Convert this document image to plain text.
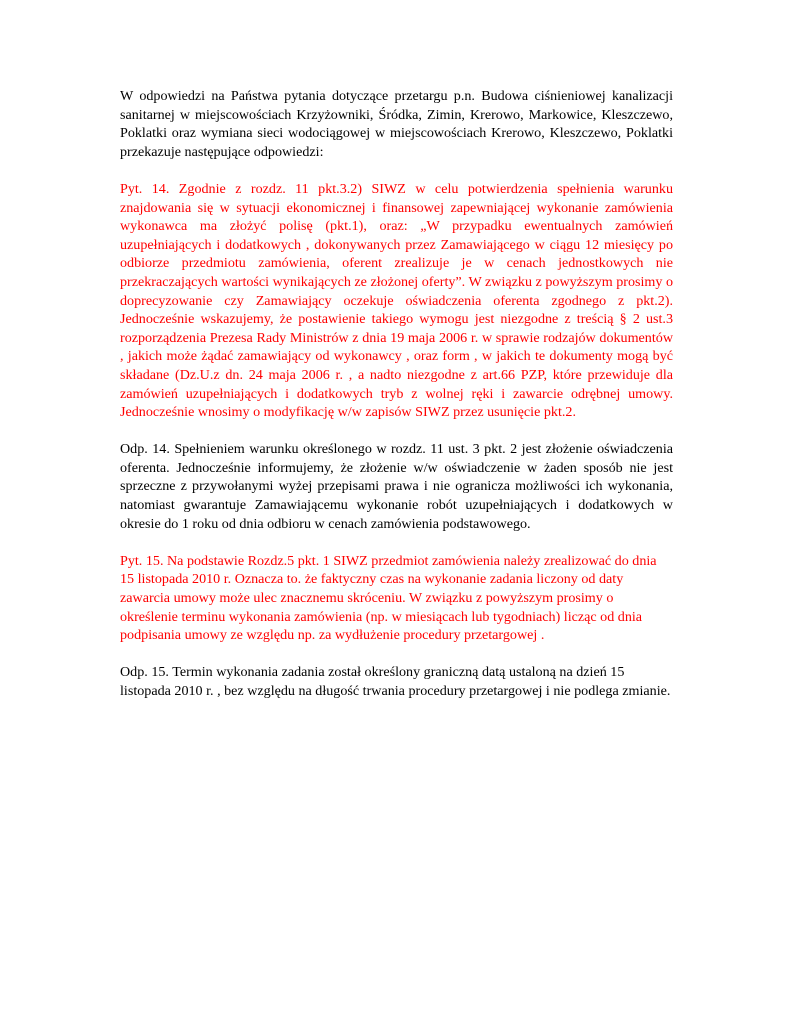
W odpowiedzi na Państwa pytania dotyczące przetargu p.n. Budowa ciśnieniowej kanalizacji sanitarnej w miejscowościach Krzyżowniki, Śródka, Zimin, Krerowo, Markowice, Kleszczewo, Poklatki oraz wymiana sieci wodociągowej w miejscowościach Krerowo, Kleszczewo, Poklatki przekazuje następujące odpowiedzi:

Pyt. 14. Zgodnie z rozdz. 11 pkt.3.2) SIWZ w celu potwierdzenia spełnienia warunku znajdowania się w sytuacji ekonomicznej i finansowej zapewniającej wykonanie zamówienia wykonawca ma złożyć polisę (pkt.1), oraz: „W przypadku ewentualnych zamówień uzupełniających i dodatkowych , dokonywanych przez Zamawiającego w ciągu 12 miesięcy po odbiorze przedmiotu zamówienia, oferent zrealizuje je w cenach jednostkowych nie przekraczających wartości wynikających ze złożonej oferty”. W związku z powyższym prosimy o doprecyzowanie czy Zamawiający oczekuje oświadczenia oferenta zgodnego z pkt.2). Jednocześnie wskazujemy, że postawienie takiego wymogu jest niezgodne z treścią § 2 ust.3 rozporządzenia Prezesa Rady Ministrów z dnia 19 maja 2006 r. w sprawie rodzajów dokumentów , jakich może żądać zamawiający od wykonawcy , oraz form , w jakich te dokumenty mogą być składane (Dz.U.z dn. 24 maja 2006 r. , a nadto niezgodne z art.66 PZP, które przewiduje dla zamówień uzupełniających i dodatkowych tryb z wolnej ręki i zawarcie odrębnej umowy. Jednocześnie wnosimy o modyfikację w/w zapisów SIWZ przez usunięcie pkt.2.

Odp. 14. Spełnieniem warunku określonego w rozdz. 11 ust. 3 pkt. 2 jest złożenie oświadczenia oferenta. Jednocześnie informujemy, że złożenie w/w oświadczenie w żaden sposób nie jest sprzeczne z przywołanymi wyżej przepisami prawa i nie ogranicza możliwości ich wykonania, natomiast gwarantuje Zamawiającemu wykonanie robót uzupełniających i dodatkowych w okresie do 1 roku od dnia odbioru w cenach zamówienia podstawowego.

Pyt. 15. Na podstawie Rozdz.5 pkt. 1 SIWZ przedmiot zamówienia należy zrealizować do dnia 15 listopada 2010 r. Oznacza to. że faktyczny czas na wykonanie zadania liczony od daty zawarcia umowy może ulec znacznemu skróceniu. W związku z powyższym prosimy o określenie terminu wykonania zamówienia (np. w miesiącach lub tygodniach) licząc od dnia podpisania umowy ze względu np. za wydłużenie procedury przetargowej .

Odp. 15. Termin wykonania zadania został określony graniczną datą ustaloną na dzień 15 listopada 2010 r. , bez względu na długość trwania procedury przetargowej i nie podlega zmianie.
